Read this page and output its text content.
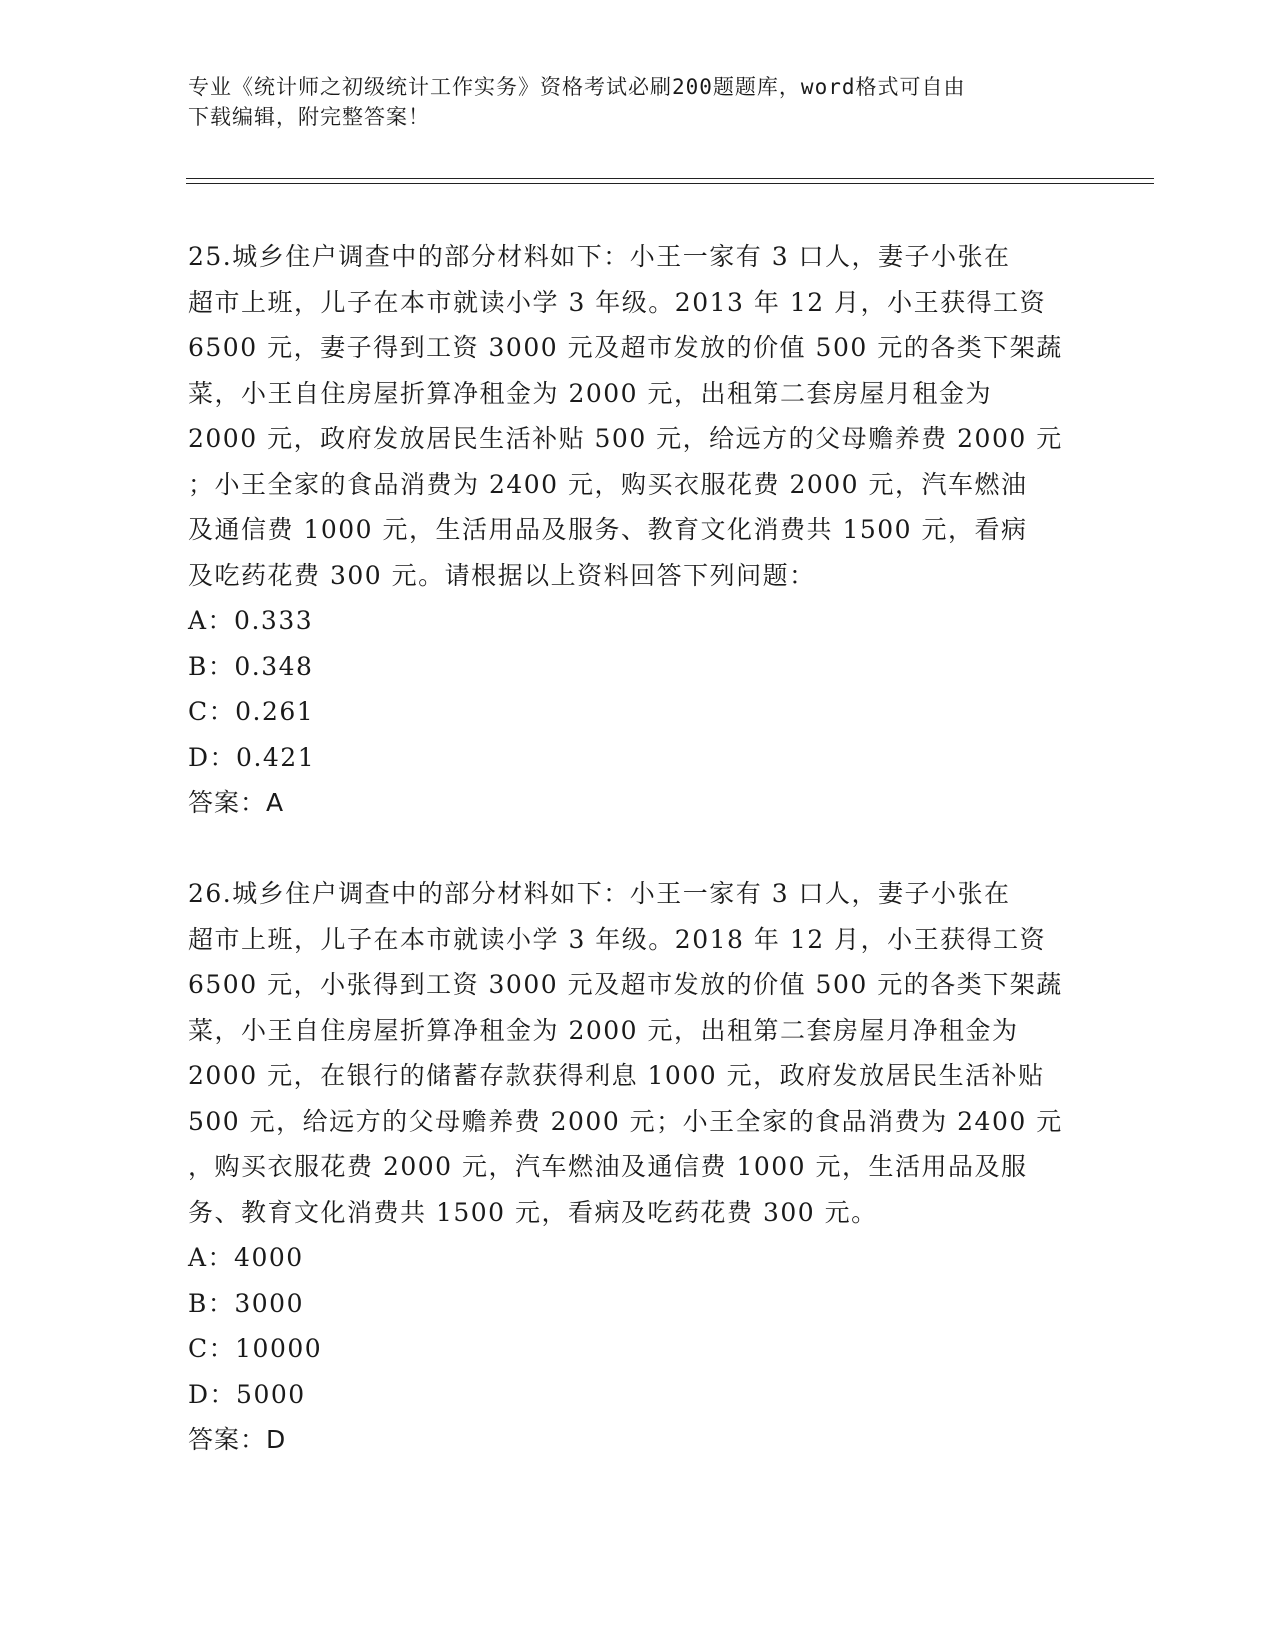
专业《统计师之初级统计工作实务》资格考试必刷200题题库，word格式可自由
下载编辑，附完整答案！
25.城乡住户调查中的部分材料如下：小王一家有 3 口人，妻子小张在
超市上班，儿子在本市就读小学 3 年级。2013 年 12 月，小王获得工资
6500 元，妻子得到工资 3000 元及超市发放的价值 500 元的各类下架蔬
菜，小王自住房屋折算净租金为 2000 元，出租第二套房屋月租金为
2000 元，政府发放居民生活补贴 500 元，给远方的父母赡养费 2000 元
；小王全家的食品消费为 2400 元，购买衣服花费 2000 元，汽车燃油
及通信费 1000 元，生活用品及服务、教育文化消费共 1500 元，看病
及吃药花费 300 元。请根据以上资料回答下列问题：
A：0.333
B：0.348
C：0.261
D：0.421
答案：A
26.城乡住户调查中的部分材料如下：小王一家有 3 口人，妻子小张在
超市上班，儿子在本市就读小学 3 年级。2018 年 12 月，小王获得工资
6500 元，小张得到工资 3000 元及超市发放的价值 500 元的各类下架蔬
菜，小王自住房屋折算净租金为 2000 元，出租第二套房屋月净租金为
2000 元，在银行的储蓄存款获得利息 1000 元，政府发放居民生活补贴
500 元，给远方的父母赡养费 2000 元；小王全家的食品消费为 2400 元
，购买衣服花费 2000 元，汽车燃油及通信费 1000 元，生活用品及服
务、教育文化消费共 1500 元，看病及吃药花费 300 元。
A：4000
B：3000
C：10000
D：5000
答案：D
